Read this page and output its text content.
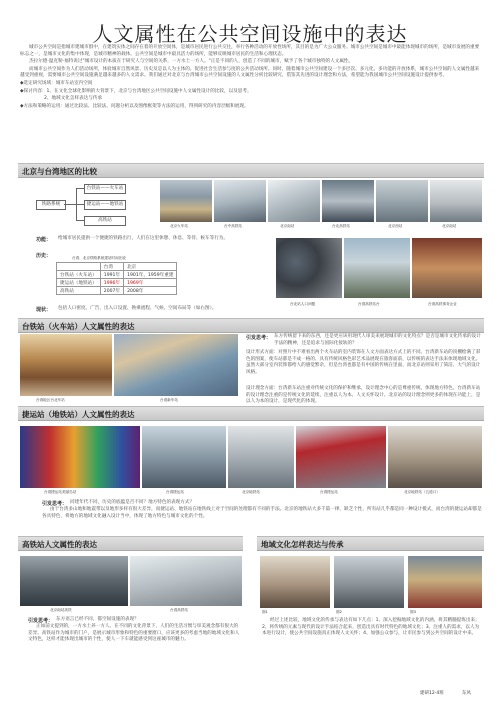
人文属性在公共空间设施中的表达

城市公共空间是指城市建城市群中，在建筑实体之间存在着的开放空间体，是城市居民进行公共交往，举行各种活动的开放性场所，其目的是为广大公众服务。城市公共空间是城市中最能体现城市的场所，是城市发展的重要标志之一，是城市文化的集中体现，是城市精神的载体。公共空间是城市中最具活力的场所，能够反映城市居民的生活和心理状态。

杰拉尔德·温克勒·福特说过"城市设计的本质在于研究人与空间的关系，一方水土一方人。"正是不同的人，创造了不同的城市，赋予了各个城市独特的人文属性。

而城市公共空间作为人们活动场所，体验城市自然风景、历史及是以人为主体的。促进社会生活参与度的公共活动场所。同时，随着城市公共空间建设一个多层次、多元化、多功能的开放体系，城市公共空间的人文属性越来越受到重视，需要城市公共空间设施满足越来越多的人文需求。我们通过对北京与台湾城市公共空间设施的人文属性分析比较研究，借鉴其先进的设计理念和方法，希望能为我国城市公共空间设施设计提供参考。

◆选定研究场域：城市车站室内空间

◆探讨内容：1、在文化全球化影响的大背景下，北京与台湾地区公共空间设施中人文属性设计的比较，以及思考。

2、地域文化怎样表达与传承

◆方法和策略的运用：通过比较法、比较法、问题分析以及图像框架等方法的运用，得到研究的内容层级和展现。

北京与台湾地区的比较
铁路系统
台铁站——火车站
捷运站——地铁站
高铁站
北京火车站	台中高铁站	北京南站	台北高铁站	北京西站	北京南站
功能： 给城市居民提供一个便捷的铁路出行，人们在这里休憩、休息、等待、候车等行为。
历史：	台湾、北京铁路系统建站时间比较
	台湾	北京
台铁站（火车站）	1991年	1901年，1959年重建
捷运站（地铁站）	1996年	1969年
高铁站	2007年	2008年
现状： 包括人口密度、广告、出入口设置、换乘流程、气候、空间布局等（如右图）。
台北站人口问题	台湾高铁站台	台湾高铁事务企业
台铁站（火车站）人文属性的表达
台湾地区台北车站	台湾新车站
引发思考： 东方传统留下来的东西，还是更应该用现代人审美来展现城市的文化特点？是否是城市文化传承的设计手法的精神，还是追求与国际化接轨的？
设计形式方面：对照片中不难看出两个火车站的室内装饰在人文方面表达方式上的不同。台湾新车站的顶棚绘满了彩色的图案，使车站都是不成一格的、具有传统风格色彩艺术品展现在旅客面前，以传统的表达手法来体现地域文化。虽然大部分室内装饰都给人的感觉繁杂，但是台湾也都是有中国的传统在里面，而北京站则采用了简洁、大气的设计风格。
设计理念方面：台湾新车站注重对传统文化的保护和继承，设计理念中心的是尊重传统，体现地方特色。台湾新车站的设计理念注重的是传统文化的延续，注重以人为本、人文关怀设计。北京站的设计理念则更多的体现在功能上，是以人为本的设计，是现代化的体现。
捷运站（地铁站）人文属性的表达
台湾捷运站美丽岛站	台湾捷运站	北京地铁站	台湾捷运站	北京地铁站（五道口）
引发思考： 同建年代不同，历史的底蕴是否不同？地方特色的表现方式？
由于台湾多山地和地震带以及地形多样有很大差异，而捷运站、地铁站在地铁线上对于空间的处理都有不同的手法。北京的地铁站大多千篇一律，缺乏个性，所有站几乎都是同一种设计模式，而台湾的捷运站却都是各具特色，将地方的地域文化融入设计当中，体现了地方特色与城市文化的个性。
高铁站人文属性的表达	地域文化怎样表达与传承
北京南站高铁	台湾高铁站
引发思考： 东方语言已经不同，都空间设施的表现？
正如前文提到的，一方水土养一方人。在不同的文化背景下，人们的生活习惯与审美观念都有很大的差异。高铁站作为城市的门户，是展示城市形象和特色的重要窗口，应该更多的考虑当地的地域文化和人文特色，这样才能体现出城市的个性，使人一下车就能感受到这座城市的魅力。
图1	图2	图3
经过上述比较，地域文化的传承与表达有如下几点：1、深入挖掘地域文化的内涵，将其精髓提炼出来；2、将传统的元素与现代的设计手法结合起来，创造出具有时代特色的地域文化；3、注重人的需求，以人为本进行设计，使公共空间设施真正体现人文关怀；4、加强公众参与，让市民参与到公共空间的设计中来。
建研12-4班	东风
